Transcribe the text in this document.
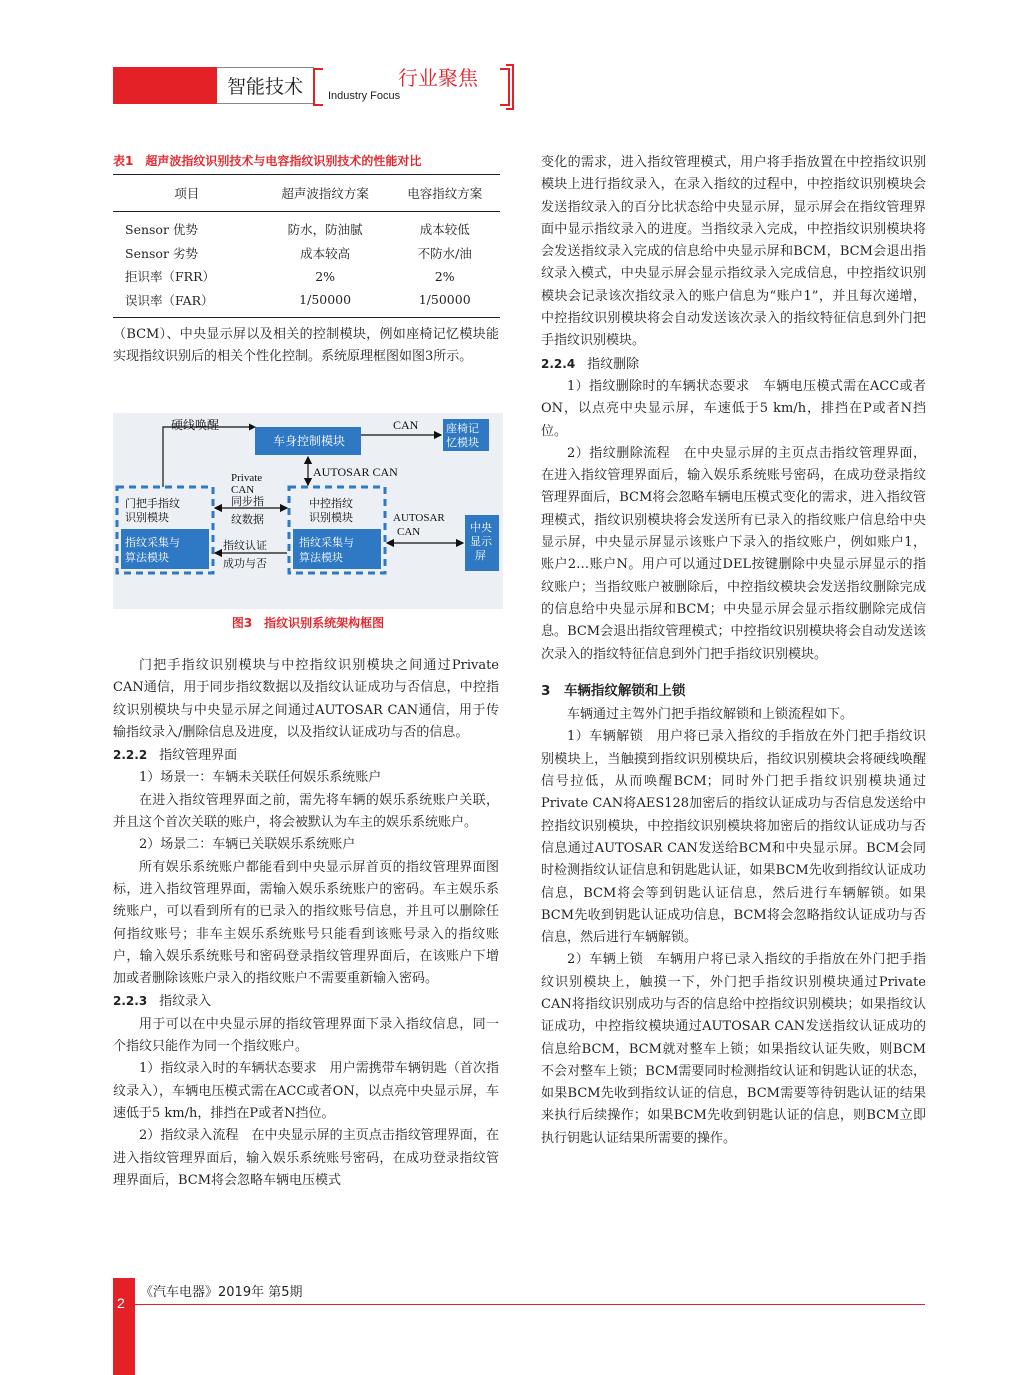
智能技术	行业聚焦
Industry Focus
表1　超声波指纹识别技术与电容指纹识别技术的性能对比
项目	超声波指纹方案	电容指纹方案
Sensor 优势	防水，防油腻	成本较低
Sensor 劣势	成本较高	不防水/油
拒识率（FRR）	2%	2%
误识率（FAR）	1/50000	1/50000
硬线唤醒
车身控制模块
CAN	座椅记
忆模块
AUTOSAR CAN
Private
CAN
同步指
纹数据
门把手指纹
识别模块
中控指纹
识别模块	AUTOSAR
CAN	中央
显示
屏
指纹采集与
算法模块
指纹认证
成功与否
指纹采集与
算法模块
图3　指纹识别系统架构框图

（BCM）、中央显示屏以及相关的控制模块，例如座椅记忆模块能实现指纹识别后的相关个性化控制。系统原理框图如图3所示。

变化的需求，进入指纹管理模式，用户将手指放置在中控指纹识别模块上进行指纹录入，在录入指纹的过程中，中控指纹识别模块会发送指纹录入的百分比状态给中央显示屏，显示屏会在指纹管理界面中显示指纹录入的进度。当指纹录入完成，中控指纹识别模块将会发送指纹录入完成的信息给中央显示屏和BCM，BCM会退出指纹录入模式，中央显示屏会显示指纹录入完成信息，中控指纹识别模块会记录该次指纹录入的账户信息为“账户1”，并且每次递增，中控指纹识别模块将会自动发送该次录入的指纹特征信息到外门把手指纹识别模块。

2.2.4 指纹删除

1）指纹删除时的车辆状态要求　车辆电压模式需在ACC或者ON，以点亮中央显示屏，车速低于5 km/h，排挡在P或者N挡位。

2）指纹删除流程　在中央显示屏的主页点击指纹管理界面，在进入指纹管理界面后，输入娱乐系统账号密码，在成功登录指纹管理界面后，BCM将会忽略车辆电压模式变化的需求，进入指纹管理模式，指纹识别模块将会发送所有已录入的指纹账户信息给中央显示屏，中央显示屏显示该账户下录入的指纹账户，例如账户1，账户2…账户N。用户可以通过DEL按键删除中央显示屏显示的指纹账户；当指纹账户被删除后，中控指纹模块会发送指纹删除完成的信息给中央显示屏和BCM；中央显示屏会显示指纹删除完成信息。BCM会退出指纹管理模式；中控指纹识别模块将会自动发送该次录入的指纹特征信息到外门把手指纹识别模块。

3　车辆指纹解锁和上锁

车辆通过主驾外门把手指纹解锁和上锁流程如下。

1）车辆解锁　用户将已录入指纹的手指放在外门把手指纹识别模块上，当触摸到指纹识别模块后，指纹识别模块会将硬线唤醒信号拉低，从而唤醒BCM；同时外门把手指纹识别模块通过Private CAN将AES128加密后的指纹认证成功与否信息发送给中控指纹识别模块，中控指纹识别模块将加密后的指纹认证成功与否信息通过AUTOSAR CAN发送给BCM和中央显示屏。BCM会同时检测指纹认证信息和钥匙匙认证，如果BCM先收到指纹认证成功信息，BCM将会等到钥匙认证信息，然后进行车辆解锁。如果BCM先收到钥匙认证成功信息，BCM将会忽略指纹认证成功与否信息，然后进行车辆解锁。

2）车辆上锁　车辆用户将已录入指纹的手指放在外门把手指纹识别模块上，触摸一下，外门把手指纹识别模块通过Private CAN将指纹识别成功与否的信息给中控指纹识别模块；如果指纹认证成功，中控指纹模块通过AUTOSAR CAN发送指纹认证成功的信息给BCM，BCM就对整车上锁；如果指纹认证失败，则BCM不会对整车上锁；BCM需要同时检测指纹认证和钥匙认证的状态，如果BCM先收到指纹认证的信息，BCM需要等待钥匙认证的结果来执行后续操作；如果BCM先收到钥匙认证的信息，则BCM立即执行钥匙认证结果所需要的操作。

2
《汽车电器》2019年 第5期

门把手指纹识别模块与中控指纹识别模块之间通过Private CAN通信，用于同步指纹数据以及指纹认证成功与否信息，中控指纹识别模块与中央显示屏之间通过AUTOSAR CAN通信，用于传输指纹录入/删除信息及进度，以及指纹认证成功与否的信息。

2.2.2 指纹管理界面

1）场景一：车辆未关联任何娱乐系统账户

在进入指纹管理界面之前，需先将车辆的娱乐系统账户关联，并且这个首次关联的账户，将会被默认为车主的娱乐系统账户。

2）场景二：车辆已关联娱乐系统账户

所有娱乐系统账户都能看到中央显示屏首页的指纹管理界面图标，进入指纹管理界面，需输入娱乐系统账户的密码。车主娱乐系统账户，可以看到所有的已录入的指纹账号信息，并且可以删除任何指纹账号；非车主娱乐系统账号只能看到该账号录入的指纹账户，输入娱乐系统账号和密码登录指纹管理界面后，在该账户下增加或者删除该账户录入的指纹账户不需要重新输入密码。

2.2.3 指纹录入

用于可以在中央显示屏的指纹管理界面下录入指纹信息，同一个指纹只能作为同一个指纹账户。

1）指纹录入时的车辆状态要求　用户需携带车辆钥匙（首次指纹录入），车辆电压模式需在ACC或者ON，以点亮中央显示屏，车速低于5 km/h，排挡在P或者N挡位。

2）指纹录入流程　在中央显示屏的主页点击指纹管理界面，在进入指纹管理界面后，输入娱乐系统账号密码，在成功登录指纹管理界面后，BCM将会忽略车辆电压模式
